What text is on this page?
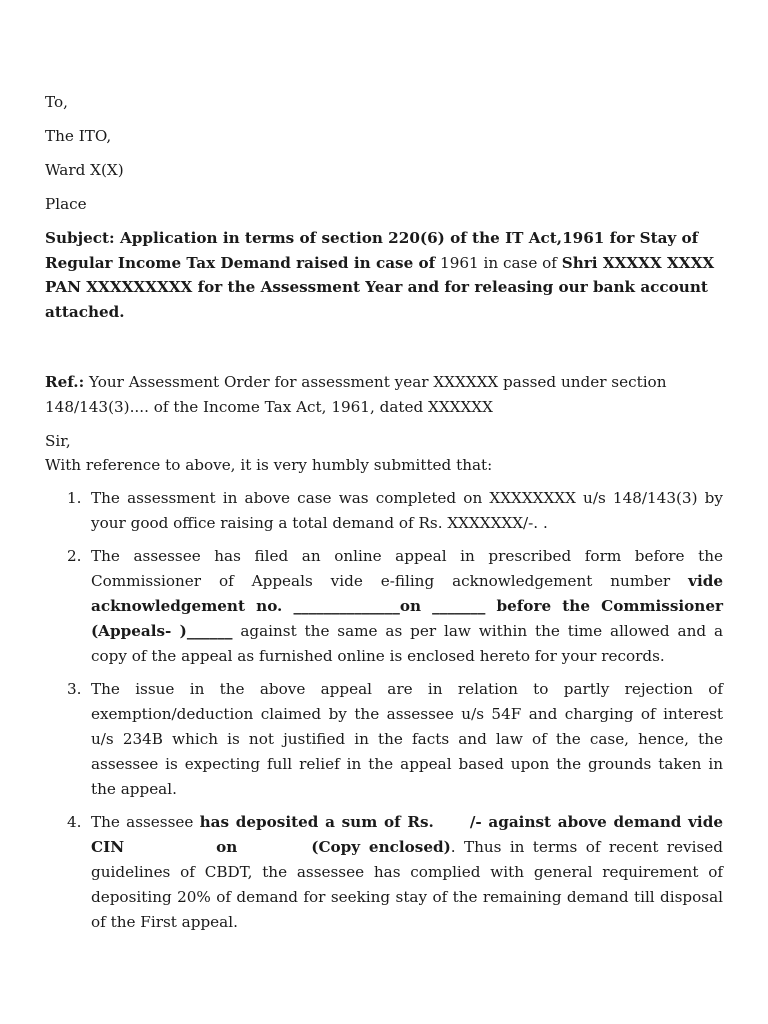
To,

The ITO,

Ward X(X)

Place

Subject: Application in terms of section 220(6) of the IT Act,1961 for Stay of Regular Income Tax Demand raised in case of 1961 in case of Shri XXXXX XXXX PAN XXXXXXXXX for the Assessment Year and for releasing our bank account attached.

Ref.: Your Assessment Order for assessment year XXXXXX passed under section 148/143(3).... of the Income Tax Act, 1961, dated XXXXXX

Sir,

With reference to above, it is very humbly submitted that:

1. The assessment in above case was completed on XXXXXXXX u/s 148/143(3) by your good office raising a total demand of Rs. XXXXXXX/-. .
2. The assessee has filed an online appeal in prescribed form before the Commissioner of Appeals vide e-filing acknowledgement number vide acknowledgement no. ______________on _______ before the Commissioner (Appeals- )______ against the same as per law within the time allowed and a copy of the appeal as furnished online is enclosed hereto for your records.
3. The issue in the above appeal are in relation to partly rejection of exemption/deduction claimed by the assessee u/s 54F and charging of interest u/s 234B which is not justified in the facts and law of the case, hence, the assessee is expecting full relief in the appeal based upon the grounds taken in the appeal.
4. The assessee has deposited a sum of Rs. /- against above demand vide CIN	on	(Copy enclosed). Thus in terms of recent revised guidelines of CBDT, the assessee has complied with general requirement of depositing 20% of demand for seeking stay of the remaining demand till disposal of the First appeal.
